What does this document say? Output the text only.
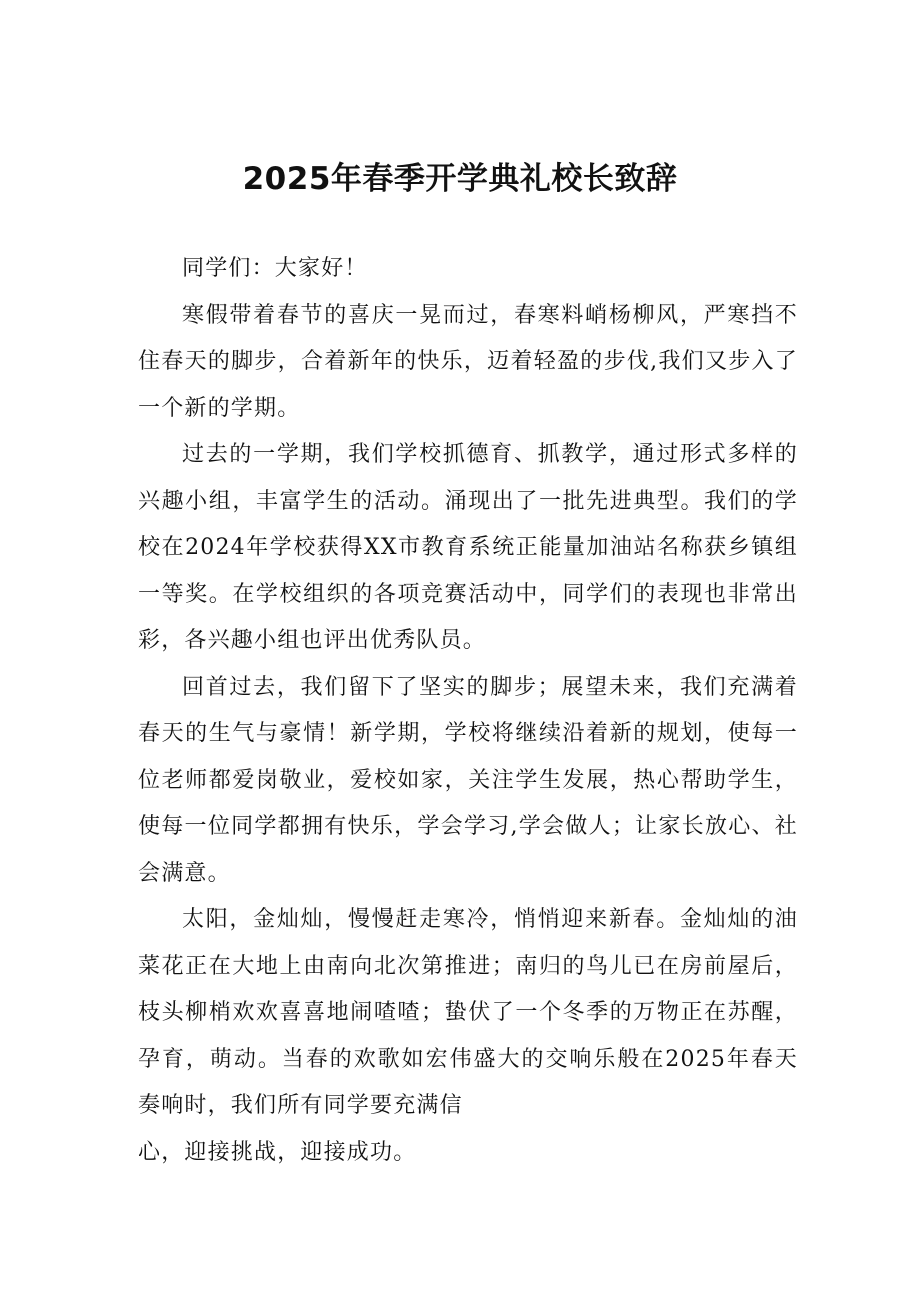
2025年春季开学典礼校长致辞

同学们：大家好！

寒假带着春节的喜庆一晃而过，春寒料峭杨柳风，严寒挡不住春天的脚步，合着新年的快乐，迈着轻盈的步伐,我们又步入了一个新的学期。

过去的一学期，我们学校抓德育、抓教学，通过形式多样的兴趣小组，丰富学生的活动。涌现出了一批先进典型。我们的学校在2024年学校获得XX市教育系统正能量加油站名称获乡镇组一等奖。在学校组织的各项竞赛活动中，同学们的表现也非常出彩，各兴趣小组也评出优秀队员。

回首过去，我们留下了坚实的脚步；展望未来，我们充满着春天的生气与豪情！新学期，学校将继续沿着新的规划，使每一位老师都爱岗敬业，爱校如家，关注学生发展，热心帮助学生，使每一位同学都拥有快乐，学会学习,学会做人；让家长放心、社会满意。

太阳，金灿灿，慢慢赶走寒冷，悄悄迎来新春。金灿灿的油菜花正在大地上由南向北次第推进；南归的鸟儿已在房前屋后，枝头柳梢欢欢喜喜地闹喳喳；蛰伏了一个冬季的万物正在苏醒，孕育，萌动。当春的欢歌如宏伟盛大的交响乐般在2025年春天奏响时，我们所有同学要充满信

心，迎接挑战，迎接成功。
